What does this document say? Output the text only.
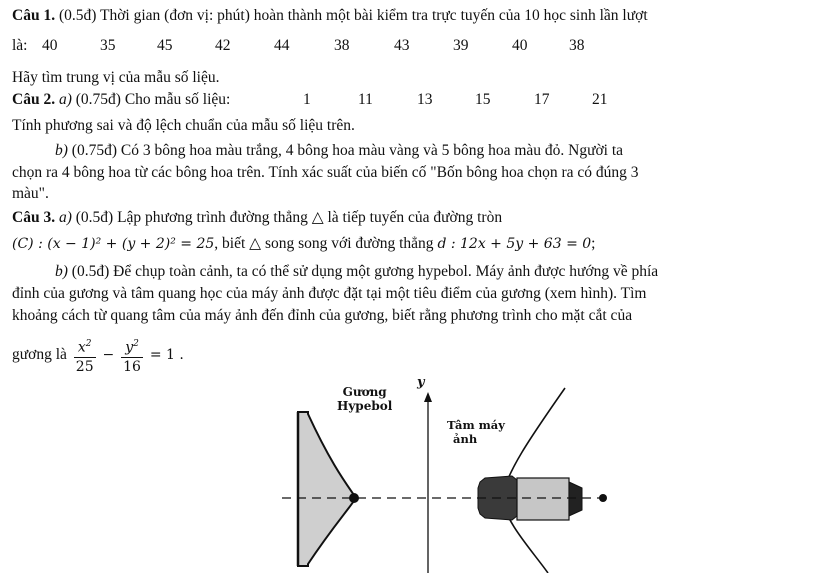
Câu 1. (0.5đ) Thời gian (đơn vị: phút) hoàn thành một bài kiểm tra trực tuyến của 10 học sinh lần lượt
là: 40	35	45	42	44	38	43	39	40	38
Hãy tìm trung vị của mẫu số liệu.
Câu 2. a) (0.75đ) Cho mẫu số liệu:	1	11	13	15	17	21
Tính phương sai và độ lệch chuẩn của mẫu số liệu trên.
b) (0.75đ) Có 3 bông hoa màu trắng, 4 bông hoa màu vàng và 5 bông hoa màu đỏ. Người ta
chọn ra 4 bông hoa từ các bông hoa trên. Tính xác suất của biến cố "Bốn bông hoa chọn ra có đúng 3
màu".
Câu 3. a) (0.5đ) Lập phương trình đường thẳng △ là tiếp tuyến của đường tròn
(C) : (x − 1)² + (y + 2)² = 25, biết △ song song với đường thẳng d : 12x + 5y + 63 = 0;
b) (0.5đ) Để chụp toàn cảnh, ta có thể sử dụng một gương hypebol. Máy ảnh được hướng về phía
đỉnh của gương và tâm quang học của máy ảnh được đặt tại một tiêu điểm của gương (xem hình). Tìm
khoảng cách từ quang tâm của máy ảnh đến đỉnh của gương, biết rằng phương trình cho mặt cắt của
gương là $\frac{x^2}{25} - \frac{y^2}{16} = 1$ .
Gương
Hypebol
y
Tâm máy
ảnh
